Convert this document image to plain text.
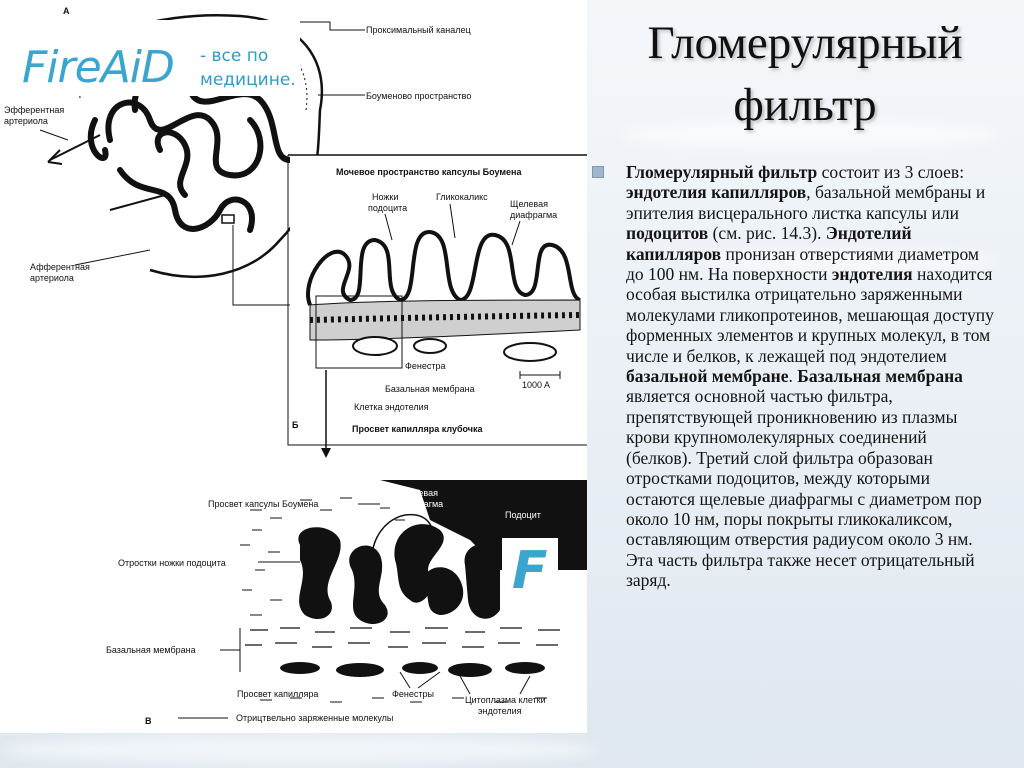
А
Проксимальный каналец
Боуменово пространство
Эфферентная
артериола
Афферентная
артериола
Мочевое пространство капсулы Боумена
Ножки
подоцита
Гликокаликс
Щелевая
диафрагма
Фенестра
Базальная мембрана
Клетка эндотелия
1000 A
Б	Просвет капилляра клубочка
Просвет капсулы Боумена
Щелевая
диафрагма
Подоцит
Отростки ножки подоцита
Базальная мембрана
Просвет капилляра	Фенестры
Цитоплазма клетки
эндотелия
В	Отрицтвельно заряженные молекулы
FireAiD - все по
медицине.
F
Гломерулярный
фильтр
Гломерулярный фильтр состоит из 3 слоев: эндотелия капилляров, базальной мембраны и эпителия висцерального листка капсулы или подоцитов (см. рис. 14.3). Эндотелий капилляров пронизан отверстиями диаметром до 100 нм. На поверхности эндотелия находится особая выстилка отрицательно заряженными молекулами гликопротеинов, мешающая доступу форменных элементов и крупных молекул, в том числе и белков, к лежащей под эндотелием базальной мембране. Базальная мембрана является основной частью фильтра, препятствующей проникновению из плазмы крови крупномолекулярных соединений (белков). Третий слой фильтра образован отростками подоцитов, между которыми остаются щелевые диафрагмы с диаметром пор около 10 нм, поры покрыты гликокаликсом, оставляющим отверстия радиусом около 3 нм. Эта часть фильтра также несет отрицательный заряд.
